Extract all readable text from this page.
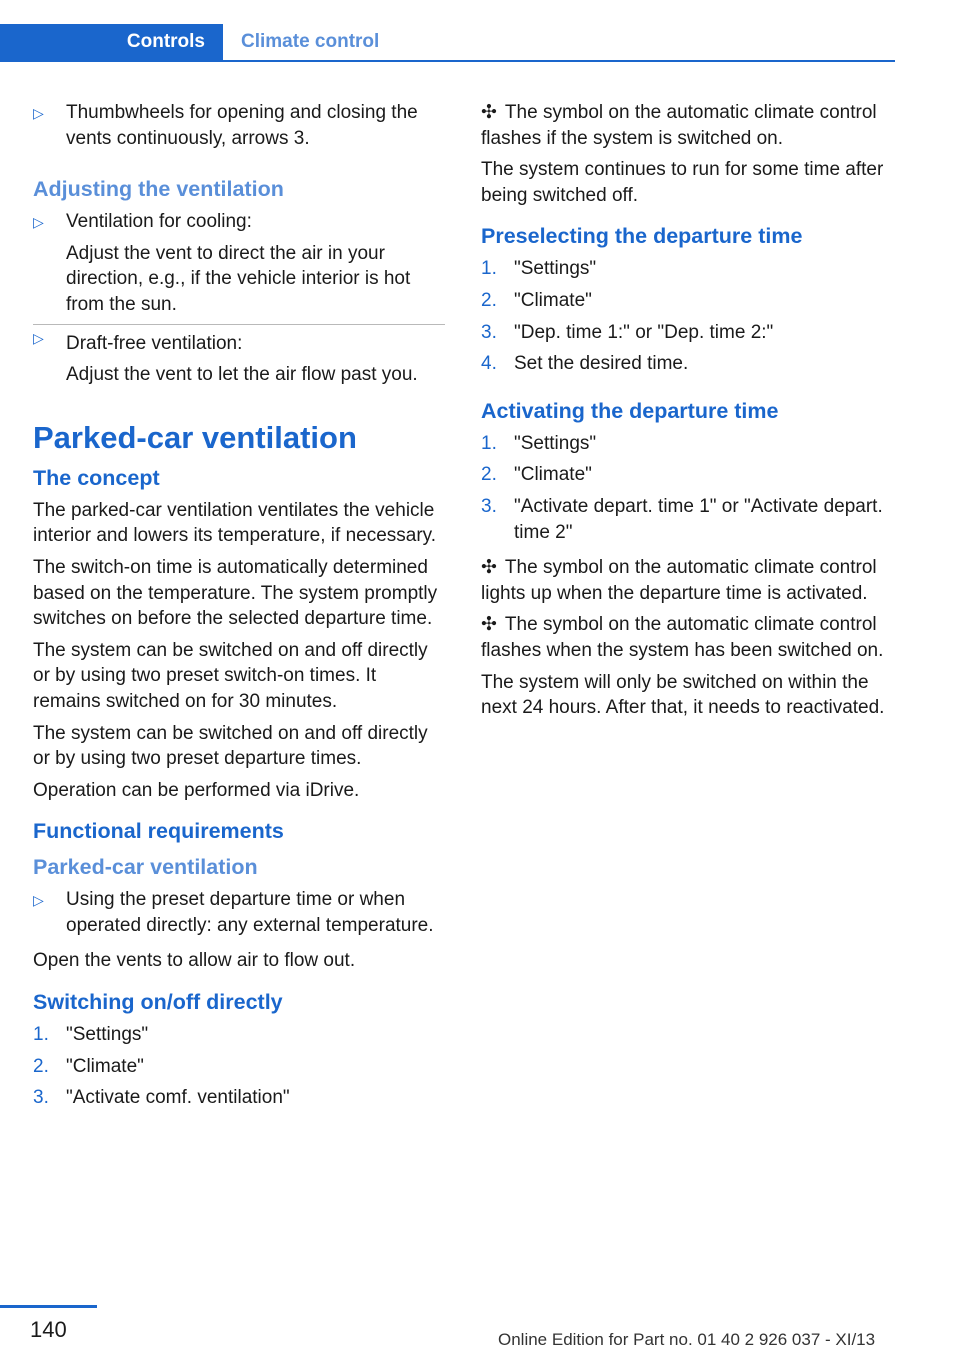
Controls	Climate control
▷ Thumbwheels for opening and closing the vents continuously, arrows 3.
Adjusting the ventilation
▷ Ventilation for cooling:
Adjust the vent to direct the air in your direction, e.g., if the vehicle interior is hot from the sun.
▷ Draft-free ventilation:
Adjust the vent to let the air flow past you.
Parked-car ventilation
The concept

The parked-car ventilation ventilates the vehicle interior and lowers its temperature, if necessary.

The switch-on time is automatically determined based on the temperature. The system promptly switches on before the selected departure time.

The system can be switched on and off directly or by using two preset switch-on times. It remains switched on for 30 minutes.

The system can be switched on and off directly or by using two preset departure times.

Operation can be performed via iDrive.

Functional requirements
Parked-car ventilation
▷ Using the preset departure time or when operated directly: any external temperature.

Open the vents to allow air to flow out.

Switching on/off directly
1. "Settings"
2. "Climate"
3. "Activate comf. ventilation"

✣ The symbol on the automatic climate control flashes if the system is switched on.

The system continues to run for some time after being switched off.

Preselecting the departure time
1. "Settings"
2. "Climate"
3. "Dep. time 1:" or "Dep. time 2:"
4. Set the desired time.
Activating the departure time
1. "Settings"
2. "Climate"
3. "Activate depart. time 1" or "Activate depart. time 2"

✣ The symbol on the automatic climate control lights up when the departure time is activated.

✣ The symbol on the automatic climate control flashes when the system has been switched on.

The system will only be switched on within the next 24 hours. After that, it needs to reactivated.

140	Online Edition for Part no. 01 40 2 926 037 - XI/13
